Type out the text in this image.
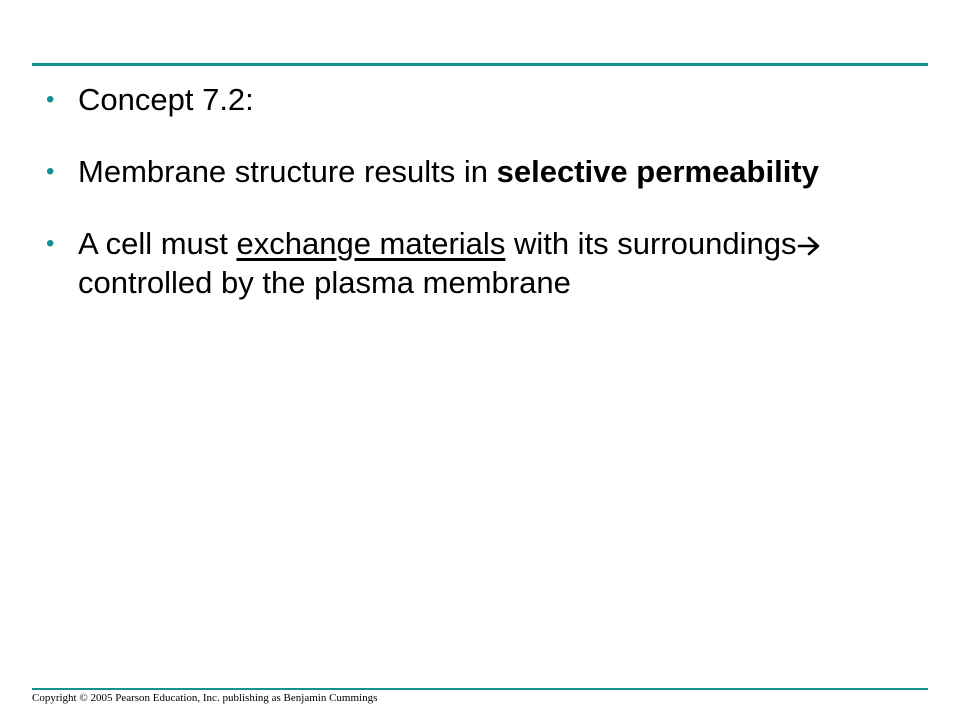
• Concept 7.2:
• Membrane structure results in selective permeability
• A cell must exchange materials with its surroundingscontrolled by the plasma membrane
Copyright © 2005 Pearson Education, Inc. publishing as Benjamin Cummings
